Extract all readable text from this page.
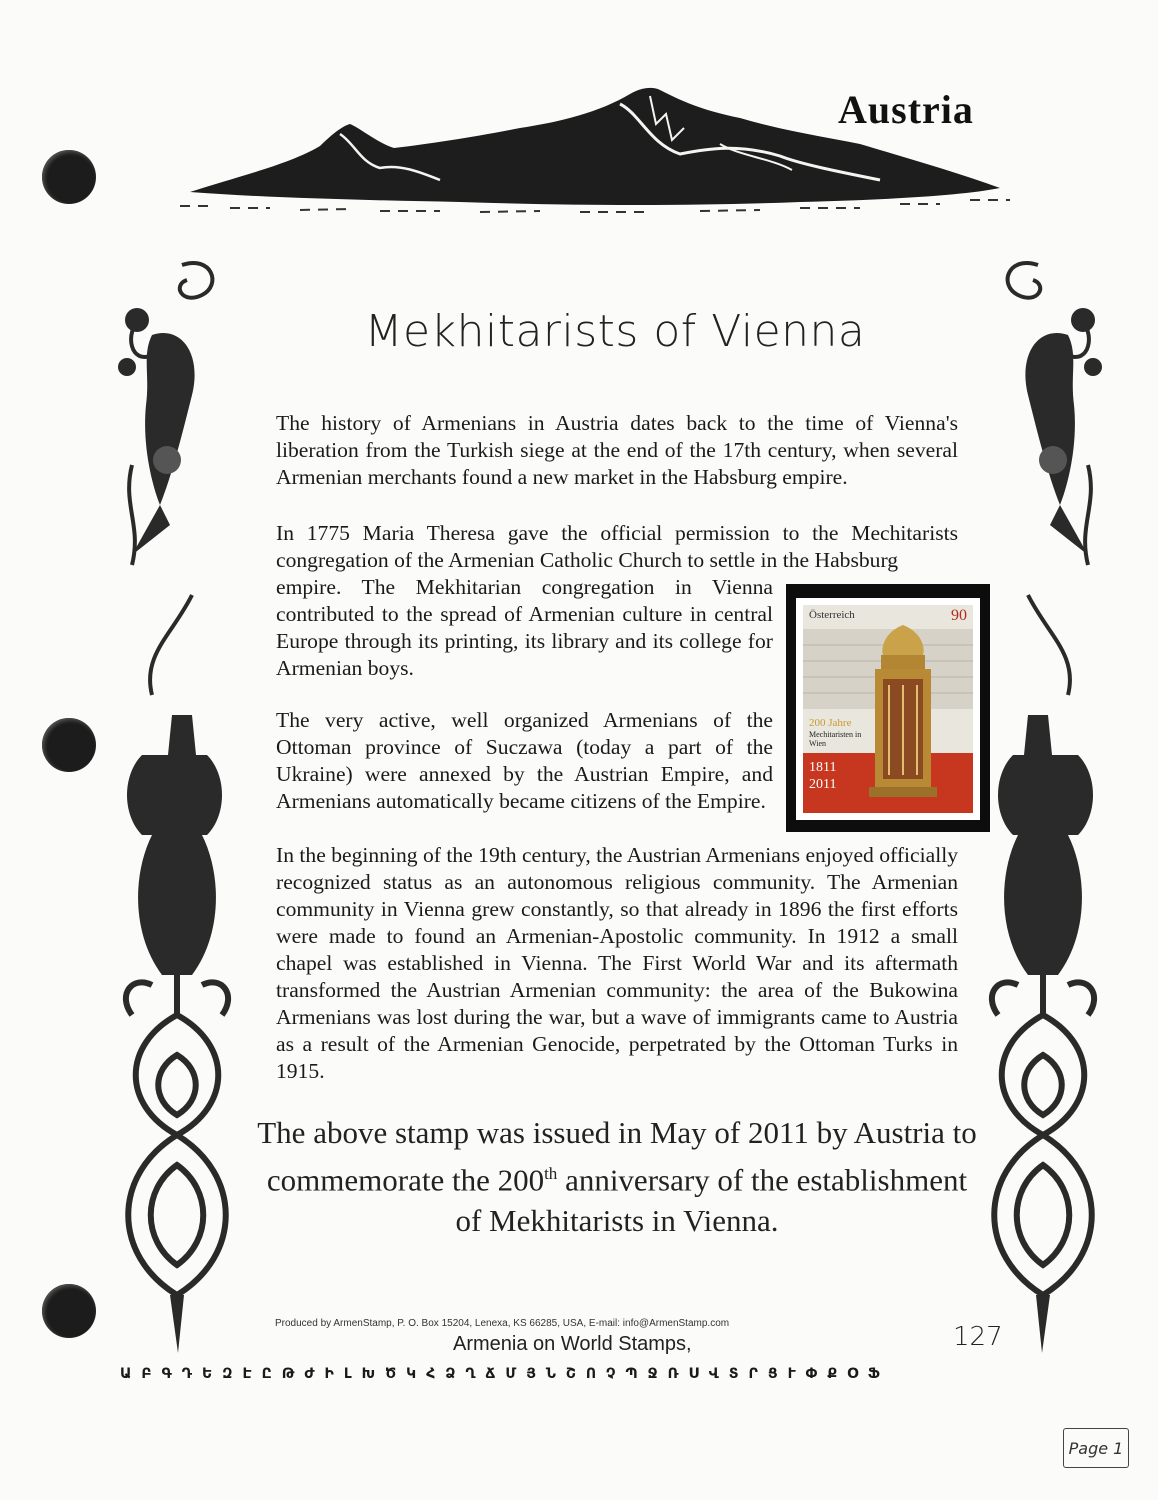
Austria
Mekhitarists of Vienna

The history of Armenians in Austria dates back to the time of Vienna's liberation from the Turkish siege at the end of the 17th century, when several Armenian merchants found a new market in the Habsburg empire.

In 1775 Maria Theresa gave the official permission to the Mechitarists congregation of the Armenian Catholic Church to settle in the Habsburg

empire. The Mekhitarian congregation in Vienna contributed to the spread of Armenian culture in central Europe through its printing, its library and its college for Armenian boys.

The very active, well organized Armenians of the Ottoman province of Suczawa (today a part of the Ukraine) were annexed by the Austrian Empire, and Armenians automatically became citizens of the Empire.

In the beginning of the 19th century, the Austrian Armenians enjoyed officially recognized status as an autonomous religious community. The Armenian community in Vienna grew constantly, so that already in 1896 the first efforts were made to found an Armenian-Apostolic community. In 1912 a small chapel was established in Vienna. The First World War and its aftermath transformed the Austrian Armenian community: the area of the Bukowina Armenians was lost during the war, but a wave of immigrants came to Austria as a result of the Armenian Genocide, perpetrated by the Ottoman Turks in 1915.

Österreich	90
200 Jahre
Mechitaristen in Wien
1811
2011

The above stamp was issued in May of 2011 by Austria to commemorate the 200th anniversary of the establishment of Mekhitarists in Vienna.

Produced by ArmenStamp, P. O. Box 15204, Lenexa, KS 66285, USA, E-mail: info@ArmenStamp.com
Armenia on World Stamps,	127
ԱԲԳԴԵԶԷԸԹԺԻԼԽԾԿՀՁՂՃՄՅՆՇՈՉՊՋՌՍՎՏՐՑՒՓՔՕՖ
Page 1
